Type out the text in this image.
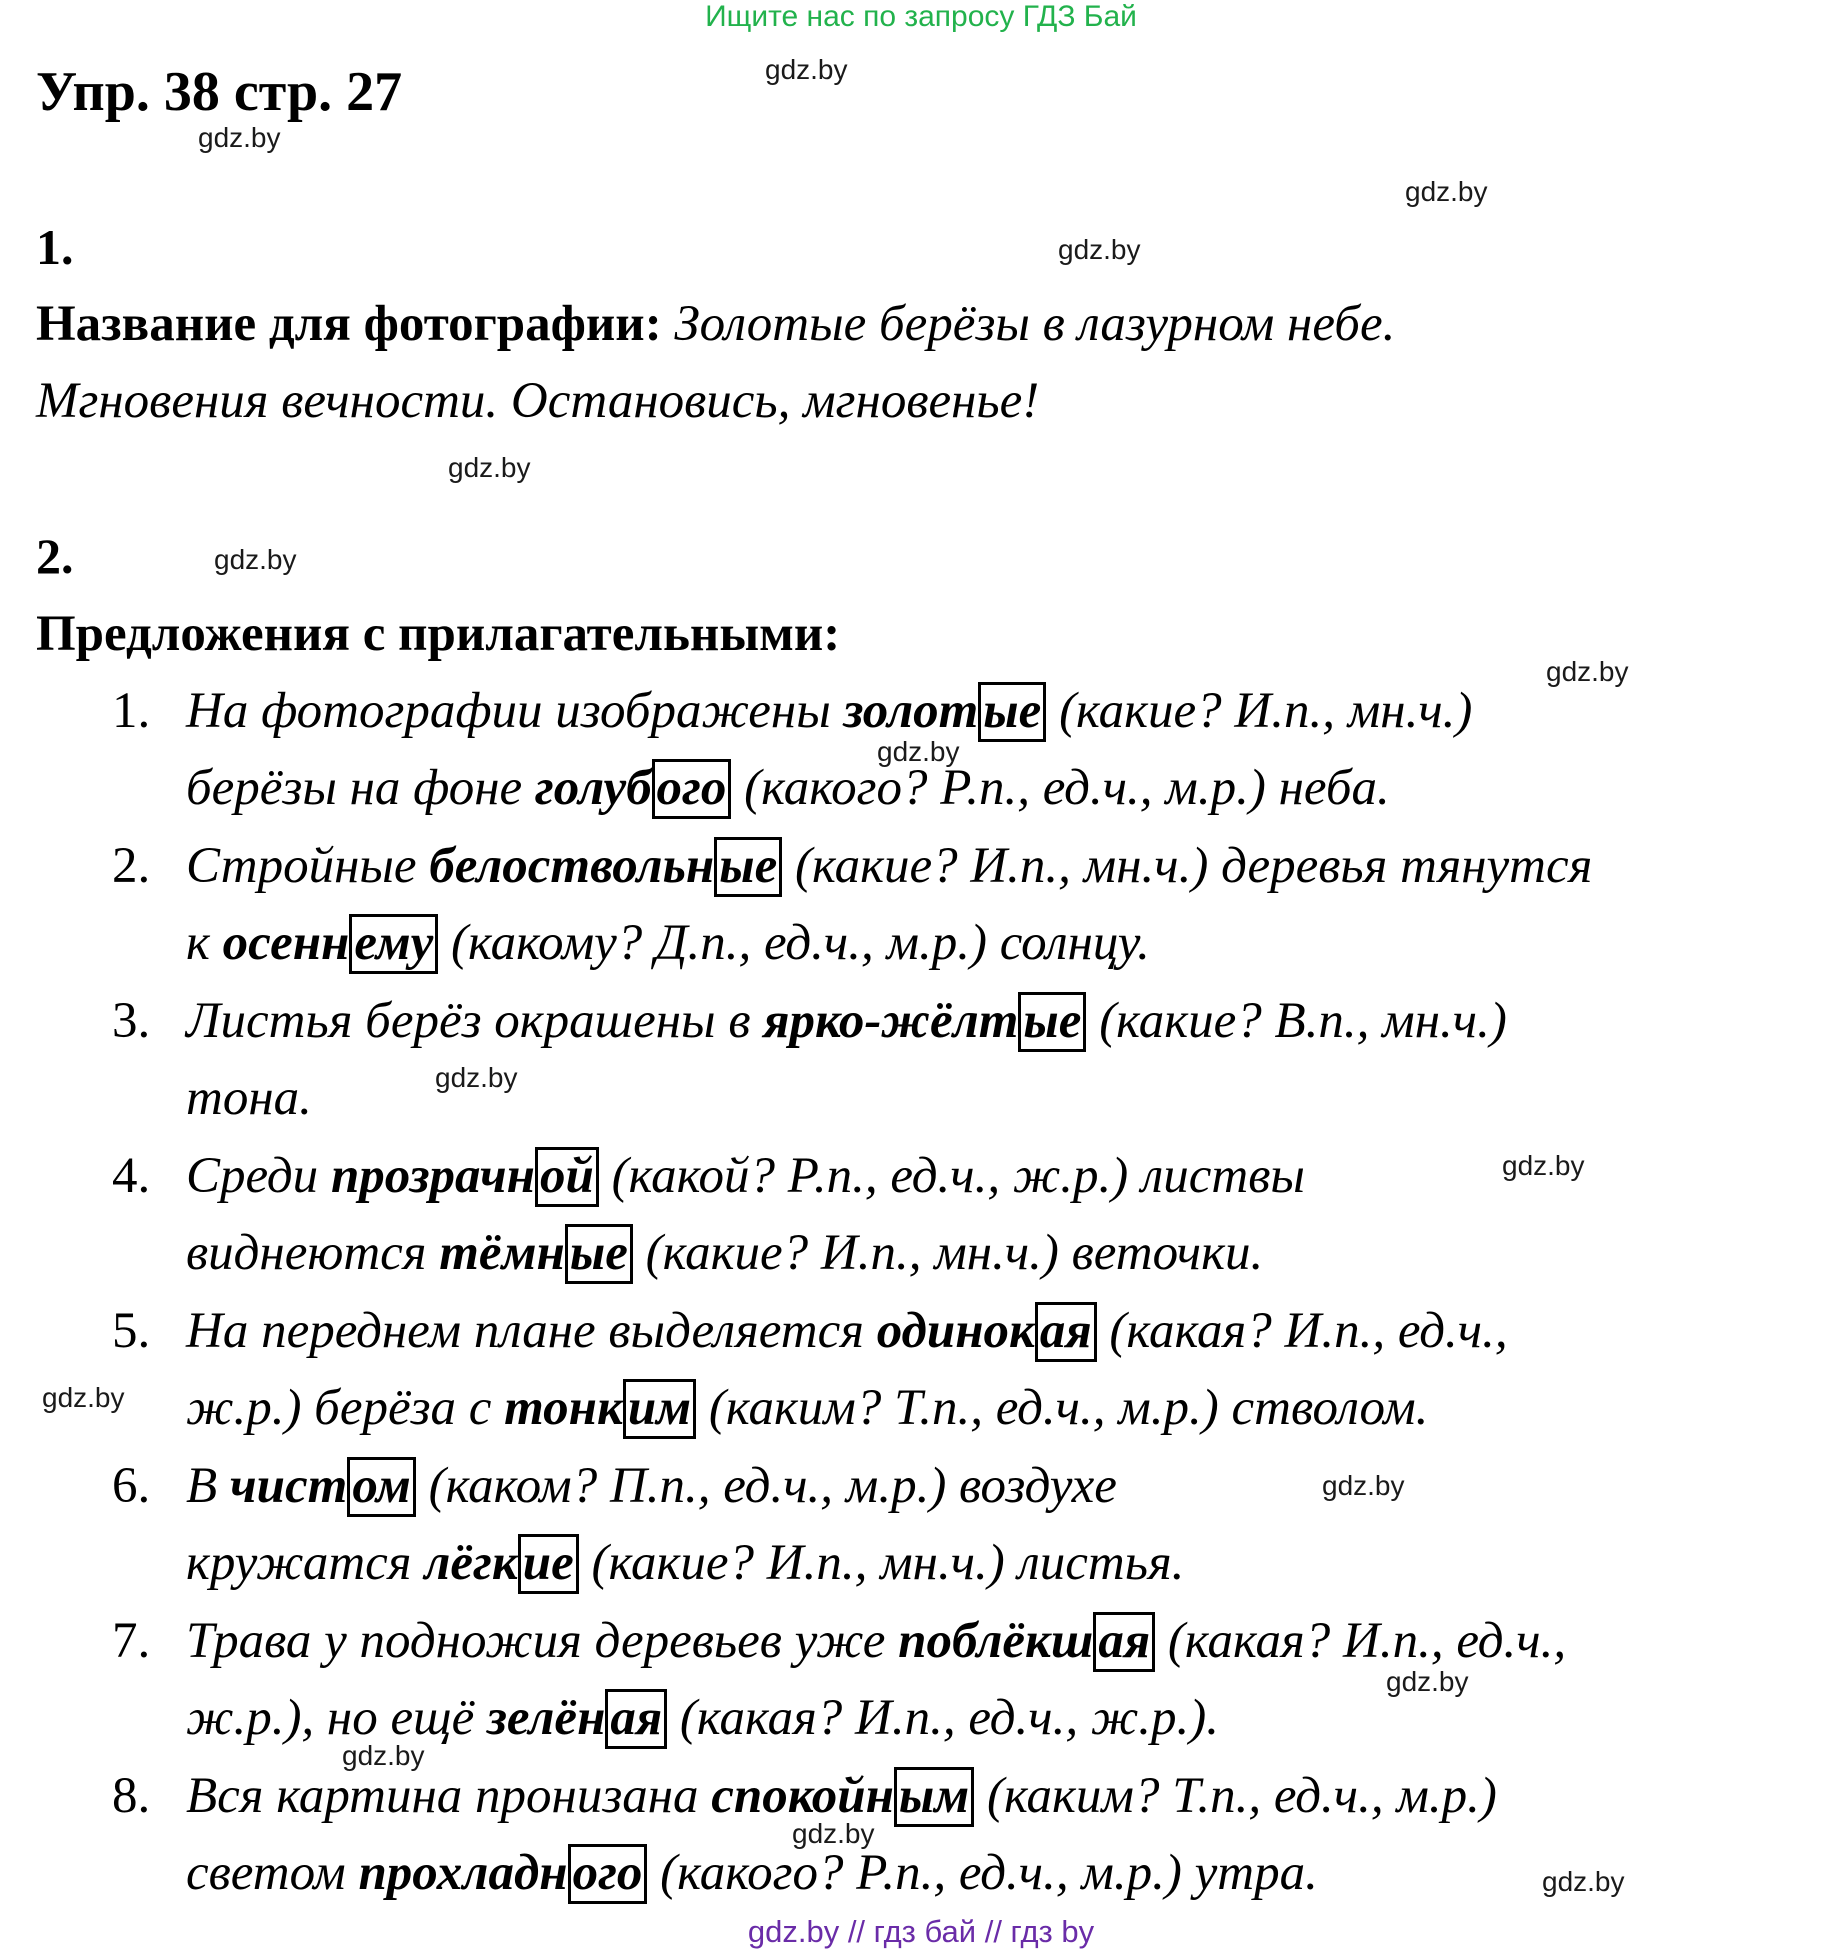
Ищите нас по запросу ГДЗ Бай
Упр. 38 стр. 27
1.
Название для фотографии: Золотые берёзы в лазурном небе.
Мгновения вечности. Остановись, мгновенье!
2.
Предложения с прилагательными:
1. На фотографии изображены золотые (какие? И.п., мн.ч.)
берёзы на фоне голубого (какого? Р.п., ед.ч., м.р.) неба.
2. Стройные белоствольные (какие? И.п., мн.ч.) деревья тянутся
к осеннему (какому? Д.п., ед.ч., м.р.) солнцу.
3. Листья берёз окрашены в ярко-жёлтые (какие? В.п., мн.ч.)
тона.
4. Среди прозрачной (какой? Р.п., ед.ч., ж.р.) листвы
виднеются тёмные (какие? И.п., мн.ч.) веточки.
5. На переднем плане выделяется одинокая (какая? И.п., ед.ч.,
ж.р.) берёза с тонким (каким? Т.п., ед.ч., м.р.) стволом.
6. В чистом (каком? П.п., ед.ч., м.р.) воздухе
кружатся лёгкие (какие? И.п., мн.ч.) листья.
7. Трава у подножия деревьев уже поблёкшая (какая? И.п., ед.ч.,
ж.р.), но ещё зелёная (какая? И.п., ед.ч., ж.р.).
8. Вся картина пронизана спокойным (каким? Т.п., ед.ч., м.р.)
светом прохладного (какого? Р.п., ед.ч., м.р.) утра.
gdz.by
gdz.by
gdz.by
gdz.by
gdz.by
gdz.by
gdz.by
gdz.by
gdz.by
gdz.by
gdz.by
gdz.by
gdz.by
gdz.by
gdz.by
gdz.by
gdz.by // гдз бай // гдз by
